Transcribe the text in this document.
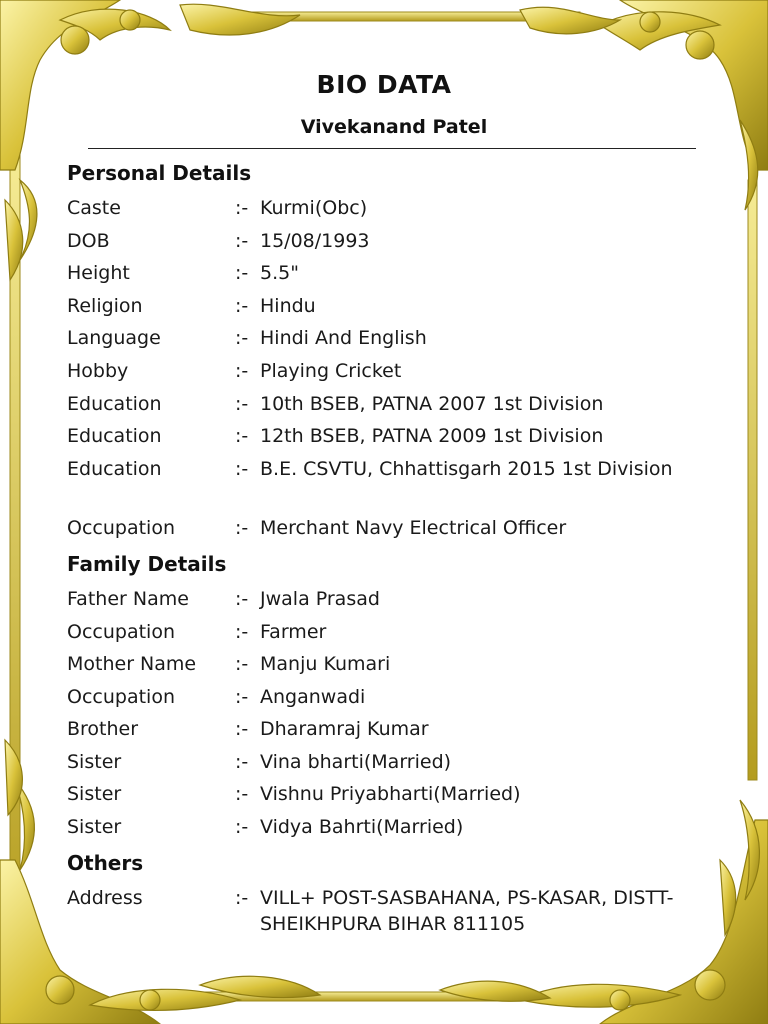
BIO DATA
Vivekanand Patel
Personal Details
Caste	:- Kurmi(Obc)
DOB	:- 15/08/1993
Height	:- 5.5"
Religion	:- Hindu
Language	:- Hindi And English
Hobby	:- Playing Cricket
Education	:- 10th BSEB, PATNA 2007 1st Division
Education	:- 12th BSEB, PATNA 2009 1st Division
Education	:- B.E. CSVTU, Chhattisgarh 2015 1st Division
Occupation	:- Merchant Navy Electrical Officer
Family Details
Father Name	:- Jwala Prasad
Occupation	:- Farmer
Mother Name	:- Manju Kumari
Occupation	:- Anganwadi
Brother	:- Dharamraj Kumar
Sister	:- Vina bharti(Married)
Sister	:- Vishnu Priyabharti(Married)
Sister	:- Vidya Bahrti(Married)
Others
Address	:- VILL+ POST-SASBAHANA, PS-KASAR, DISTT-SHEIKHPURA BIHAR 811105
